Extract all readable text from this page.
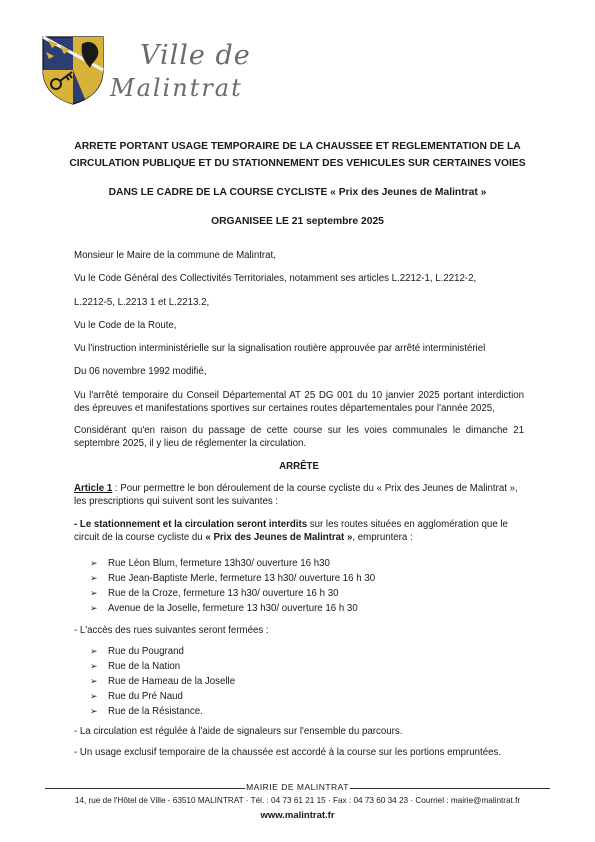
Ville de
Malintrat

ARRETE PORTANT USAGE TEMPORAIRE DE LA CHAUSSEE ET REGLEMENTATION DE LA CIRCULATION PUBLIQUE ET DU STATIONNEMENT DES VEHICULES SUR CERTAINES VOIES

DANS LE CADRE DE LA COURSE CYCLISTE « Prix des Jeunes de Malintrat »

ORGANISEE LE 21 septembre 2025

Monsieur le Maire de la commune de Malintrat,

Vu le Code Général des Collectivités Territoriales, notamment ses articles L.2212-1, L.2212-2,

L.2212-5, L.2213 1 et L.2213.2,

Vu le Code de la Route,

Vu l'instruction interministérielle sur la signalisation routière approuvée par arrêté interministériel

Du 06 novembre 1992 modifié,

Vu l'arrêté temporaire du Conseil Départemental AT 25 DG 001 du 10 janvier 2025 portant interdiction des épreuves et manifestations sportives sur certaines routes départementales pour l'année 2025,

Considérant qu'en raison du passage de cette course sur les voies communales le dimanche 21 septembre 2025, il y lieu de réglementer la circulation.

ARRÊTE

Article 1 : Pour permettre le bon déroulement de la course cycliste du « Prix des Jeunes de Malintrat », les prescriptions qui suivent sont les suivantes :

- Le stationnement et la circulation seront interdits sur les routes situées en agglomération que le circuit de la course cycliste du « Prix des Jeunes de Malintrat », empruntera :

➢ Rue Léon Blum, fermeture 13h30/ ouverture 16 h30
➢ Rue Jean-Baptiste Merle, fermeture 13 h30/ ouverture 16 h 30
➢ Rue de la Croze, fermeture 13 h30/ ouverture 16 h 30
➢ Avenue de la Joselle, fermeture 13 h30/ ouverture 16 h 30

- L'accès des rues suivantes seront fermées :

➢ Rue du Pougrand
➢ Rue de la Nation
➢ Rue de Hameau de la Joselle
➢ Rue du Pré Naud
➢ Rue de la Résistance.

- La circulation est régulée à l'aide de signaleurs sur l'ensemble du parcours.

- Un usage exclusif temporaire de la chaussée est accordé à la course sur les portions empruntées.

MAIRIE DE MALINTRAT
14, rue de l'Hôtel de Ville - 63510 MALINTRAT · Tél. : 04 73 61 21 15 · Fax : 04 73 60 34 23 · Courriel : mairie@malintrat.fr
www.malintrat.fr
